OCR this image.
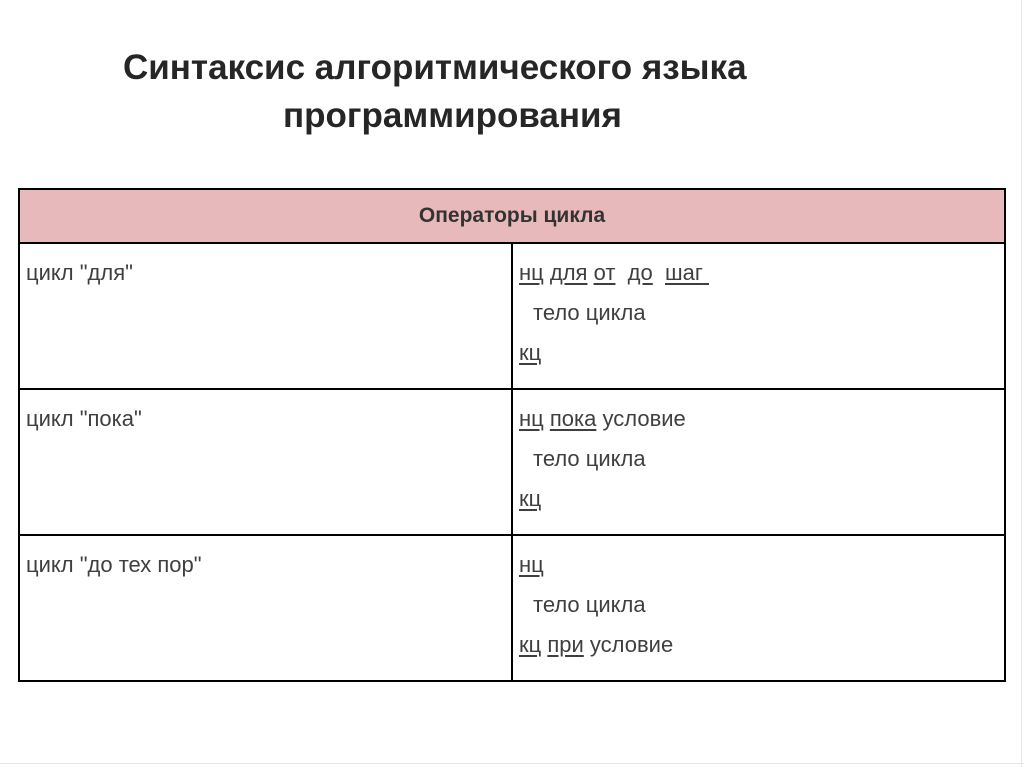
Синтаксис алгоритмического языка
программирования
Операторы цикла	
цикл "для"	нц для от до шаг
тело цикла
кц

цикл "пока"	нц пока условие
тело цикла
кц

цикл "до тех пор"	нц
тело цикла
кц при условие
